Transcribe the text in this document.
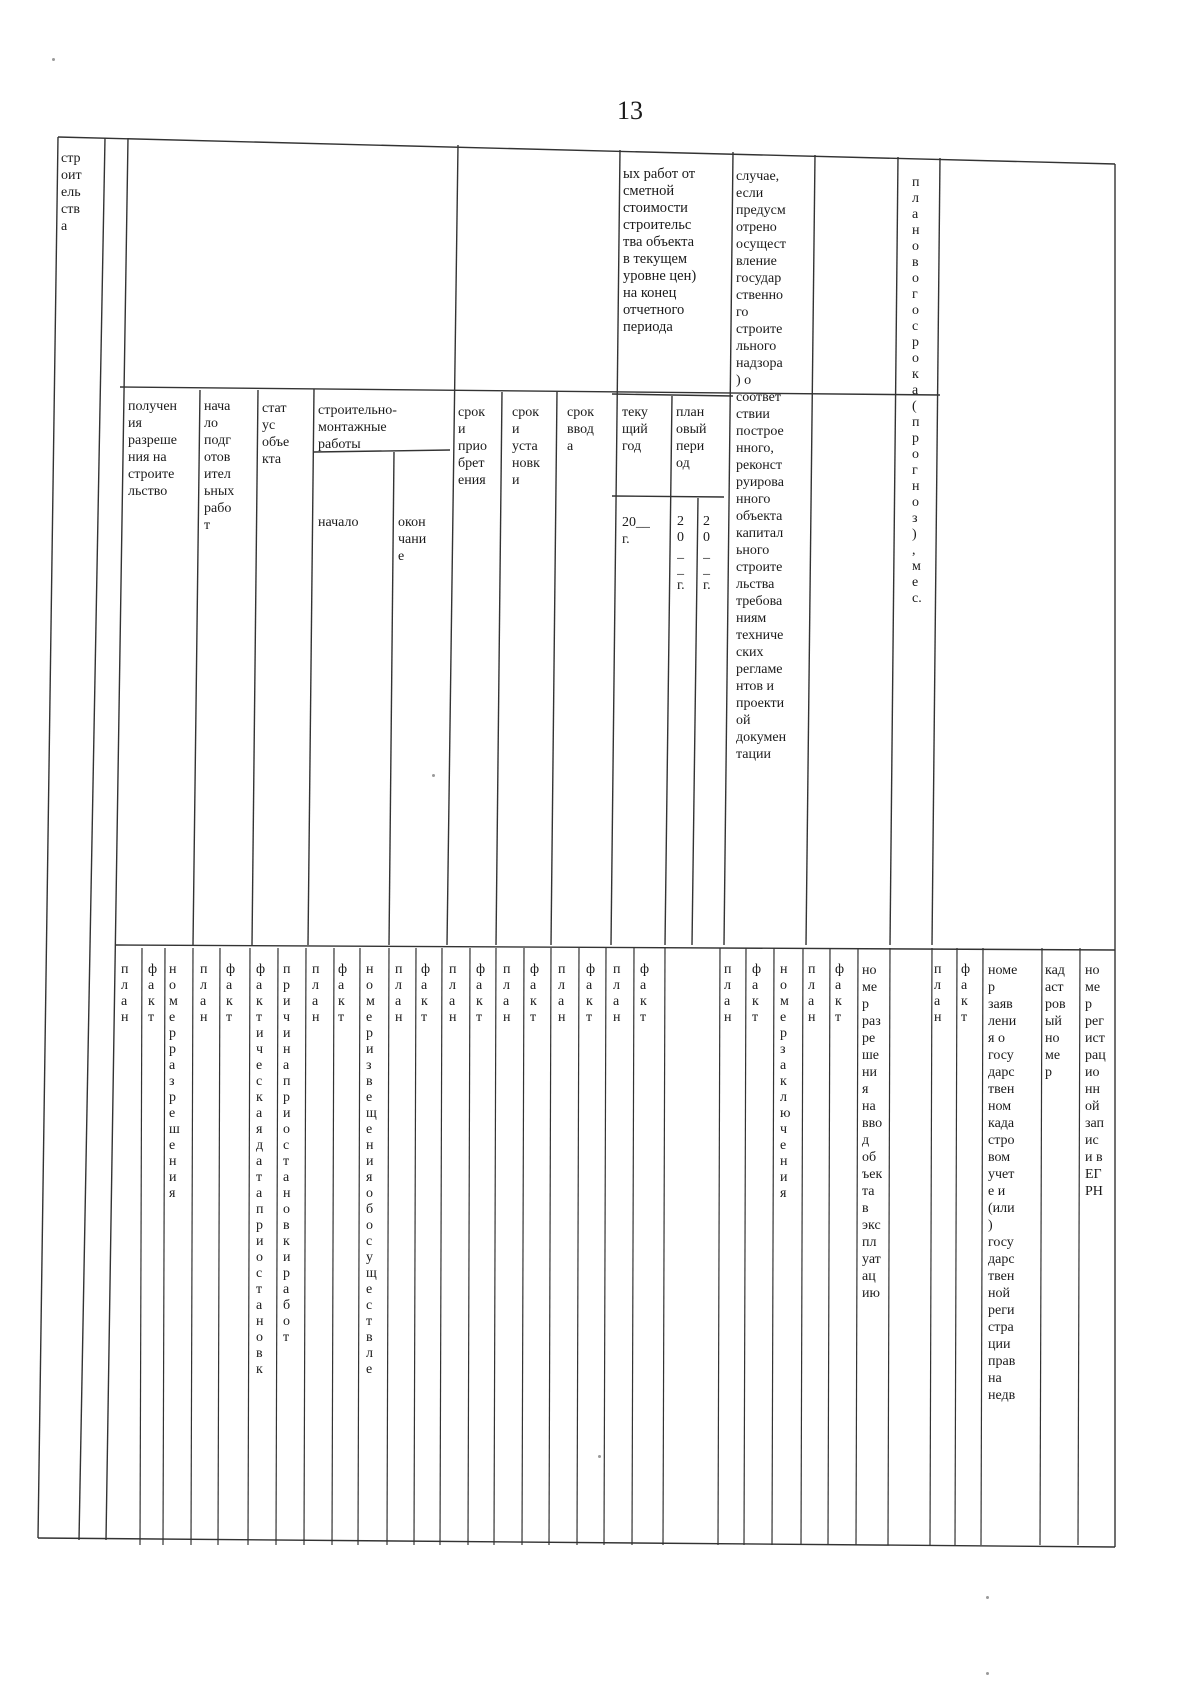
13
стр
оит
ель
ств
а
ых работ от
сметной
стоимости
строительс
тва объекта
в текущем
уровне цен)
на конец
отчетного
периода
случае,
если
предусм
отрено
осущест
вление
государ
ственно
го
строите
льного
надзора
) о
соответ
ствии
построе
нного,
реконст
руирова
нного
объекта
капитал
ьного
строите
льства
требова
ниям
техниче
ских
регламе
нтов и
проекти
ой
докумен
тации
п
л
а
н
о
в
о
г
о
с
р
о
к
а
(
п
р
о
г
н
о
з
)
,
м
е
с.
получен
ия
разреше
ния на
строите
льство
нача
ло
подг
отов
ител
ьных
рабо
т
стат
ус
объе
кта
строительно-
монтажные
работы
начало	окон
чани
е
срок
и
прио
брет
ения
срок
и
уста
новк
и
срок
ввод
а
теку
щий
год
план
овый
пери
од
20__
г.
2
0
_
_
г.
2
0
_
_
г.
п
л
а
н
ф
а
к
т
н
о
м
е
р
р
а
з
р
е
ш
е
н
и
я
п
л
а
н
ф
а
к
т
ф
а
к
т
и
ч
е
с
к
а
я
д
а
т
а
п
р
и
о
с
т
а
н
о
в
к
п
р
и
ч
и
н
а
п
р
и
о
с
т
а
н
о
в
к
и
р
а
б
о
т
п
л
а
н
ф
а
к
т
н
о
м
е
р
и
з
в
е
щ
е
н
и
я
о
б
о
с
у
щ
е
с
т
в
л
е
п
л
а
н
ф
а
к
т
п
л
а
н
ф
а
к
т
п
л
а
н
ф
а
к
т
п
л
а
н
ф
а
к
т
п
л
а
н
ф
а
к
т
п
л
а
н
ф
а
к
т
н
о
м
е
р
з
а
к
л
ю
ч
е
н
и
я
п
л
а
н
ф
а
к
т
но
ме
р
раз
ре
ше
ни
я
на
вво
д
об
ъек
та
в
экс
пл
уат
ац
ию
п
л
а
н
ф
а
к
т
номе
р
заяв
лени
я о
госу
дарс
твен
ном
када
стро
вом
учет
е и
(или
)
госу
дарс
твен
ной
реги
стра
ции
прав
на
недв
кад
аст
ров
ый
но
ме
р
но
ме
р
рег
ист
рац
ио
нн
ой
зап
ис
и в
ЕГ
РН
